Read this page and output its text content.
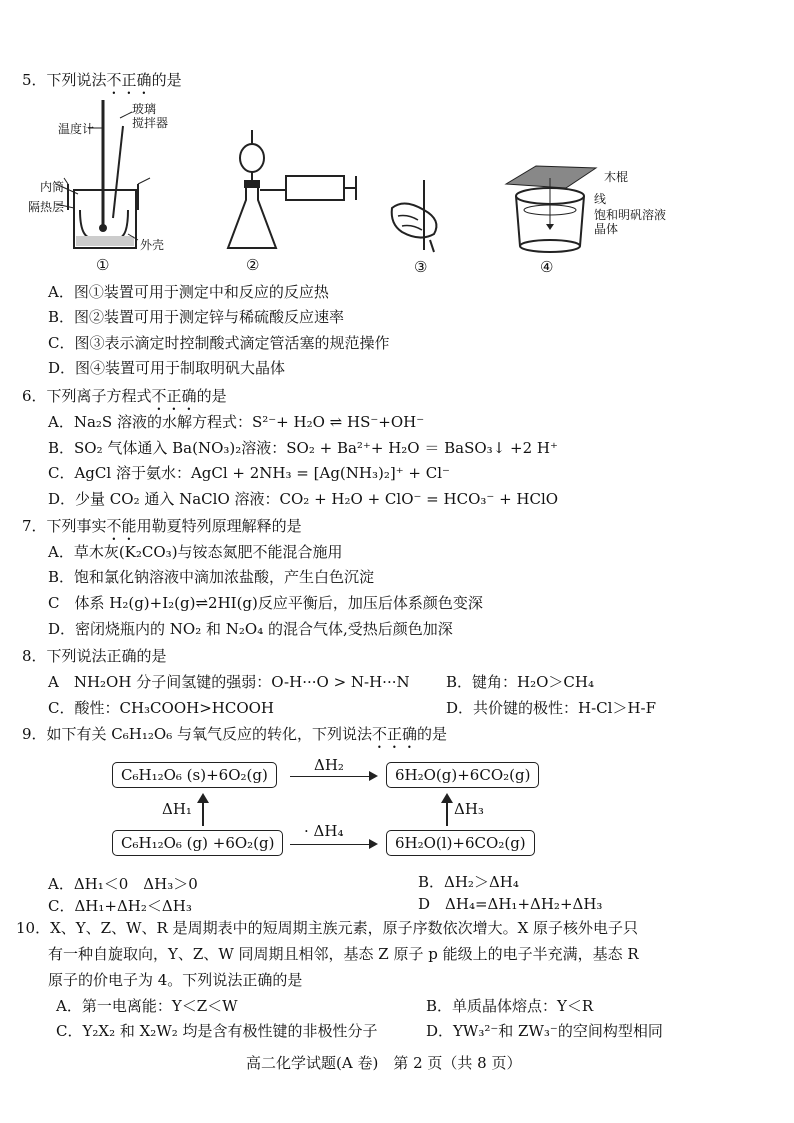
5．下列说法不正确的是
温度计
玻璃
搅拌器
内筒
隔热层
外壳
①	②	③
木棍
线
饱和明矾溶液
晶体
④
A．图①装置可用于测定中和反应的反应热
B．图②装置可用于测定锌与稀硫酸反应速率
C．图③表示滴定时控制酸式滴定管活塞的规范操作
D．图④装置可用于制取明矾大晶体
6．下列离子方程式不正确的是
A．Na₂S 溶液的水解方程式：S²⁻+ H₂O ⇌ HS⁻+OH⁻
B．SO₂ 气体通入 Ba(NO₃)₂溶液：SO₂ + Ba²⁺+ H₂O ＝ BaSO₃↓ +2 H⁺
C．AgCl 溶于氨水：AgCl + 2NH₃ = [Ag(NH₃)₂]⁺ + Cl⁻
D．少量 CO₂ 通入 NaClO 溶液：CO₂ + H₂O + ClO⁻ = HCO₃⁻ + HClO
7．下列事实不能用勒夏特列原理解释的是
A．草木灰(K₂CO₃)与铵态氮肥不能混合施用
B．饱和氯化钠溶液中滴加浓盐酸，产生白色沉淀
C　体系 H₂(g)+I₂(g)⇌2HI(g)反应平衡后，加压后体系颜色变深
D．密闭烧瓶内的 NO₂ 和 N₂O₄ 的混合气体,受热后颜色加深
8．下列说法正确的是
A　NH₂OH 分子间氢键的强弱：O-H···O > N-H···N B．键角：H₂O＞CH₄
C．酸性：CH₃COOH>HCOOH	D．共价键的极性：H-Cl＞H-F
9．如下有关 C₆H₁₂O₆ 与氧气反应的转化，下列说法不正确的是
C₆H₁₂O₆ (s)+6O₂(g)	6H₂O(g)+6CO₂(g)
C₆H₁₂O₆ (g) +6O₂(g)	6H₂O(l)+6CO₂(g)
ΔH₂
· ΔH₄
ΔH₁	ΔH₃
A．ΔH₁＜0　ΔH₃＞0	B．ΔH₂＞ΔH₄
C．ΔH₁+ΔH₂＜ΔH₃	D　ΔH₄=ΔH₁+ΔH₂+ΔH₃
10．X、Y、Z、W、R 是周期表中的短周期主族元素，原子序数依次增大。X 原子核外电子只
有一种自旋取向，Y、Z、W 同周期且相邻，基态 Z 原子 p 能级上的电子半充满，基态 R
原子的价电子为 4。下列说法正确的是
A．第一电离能：Y＜Z＜W	B．单质晶体熔点：Y＜R
C．Y₂X₂ 和 X₂W₂ 均是含有极性键的非极性分子	D．YW₃²⁻和 ZW₃⁻的空间构型相同
高二化学试题(A 卷)　第 2 页（共 8 页）
